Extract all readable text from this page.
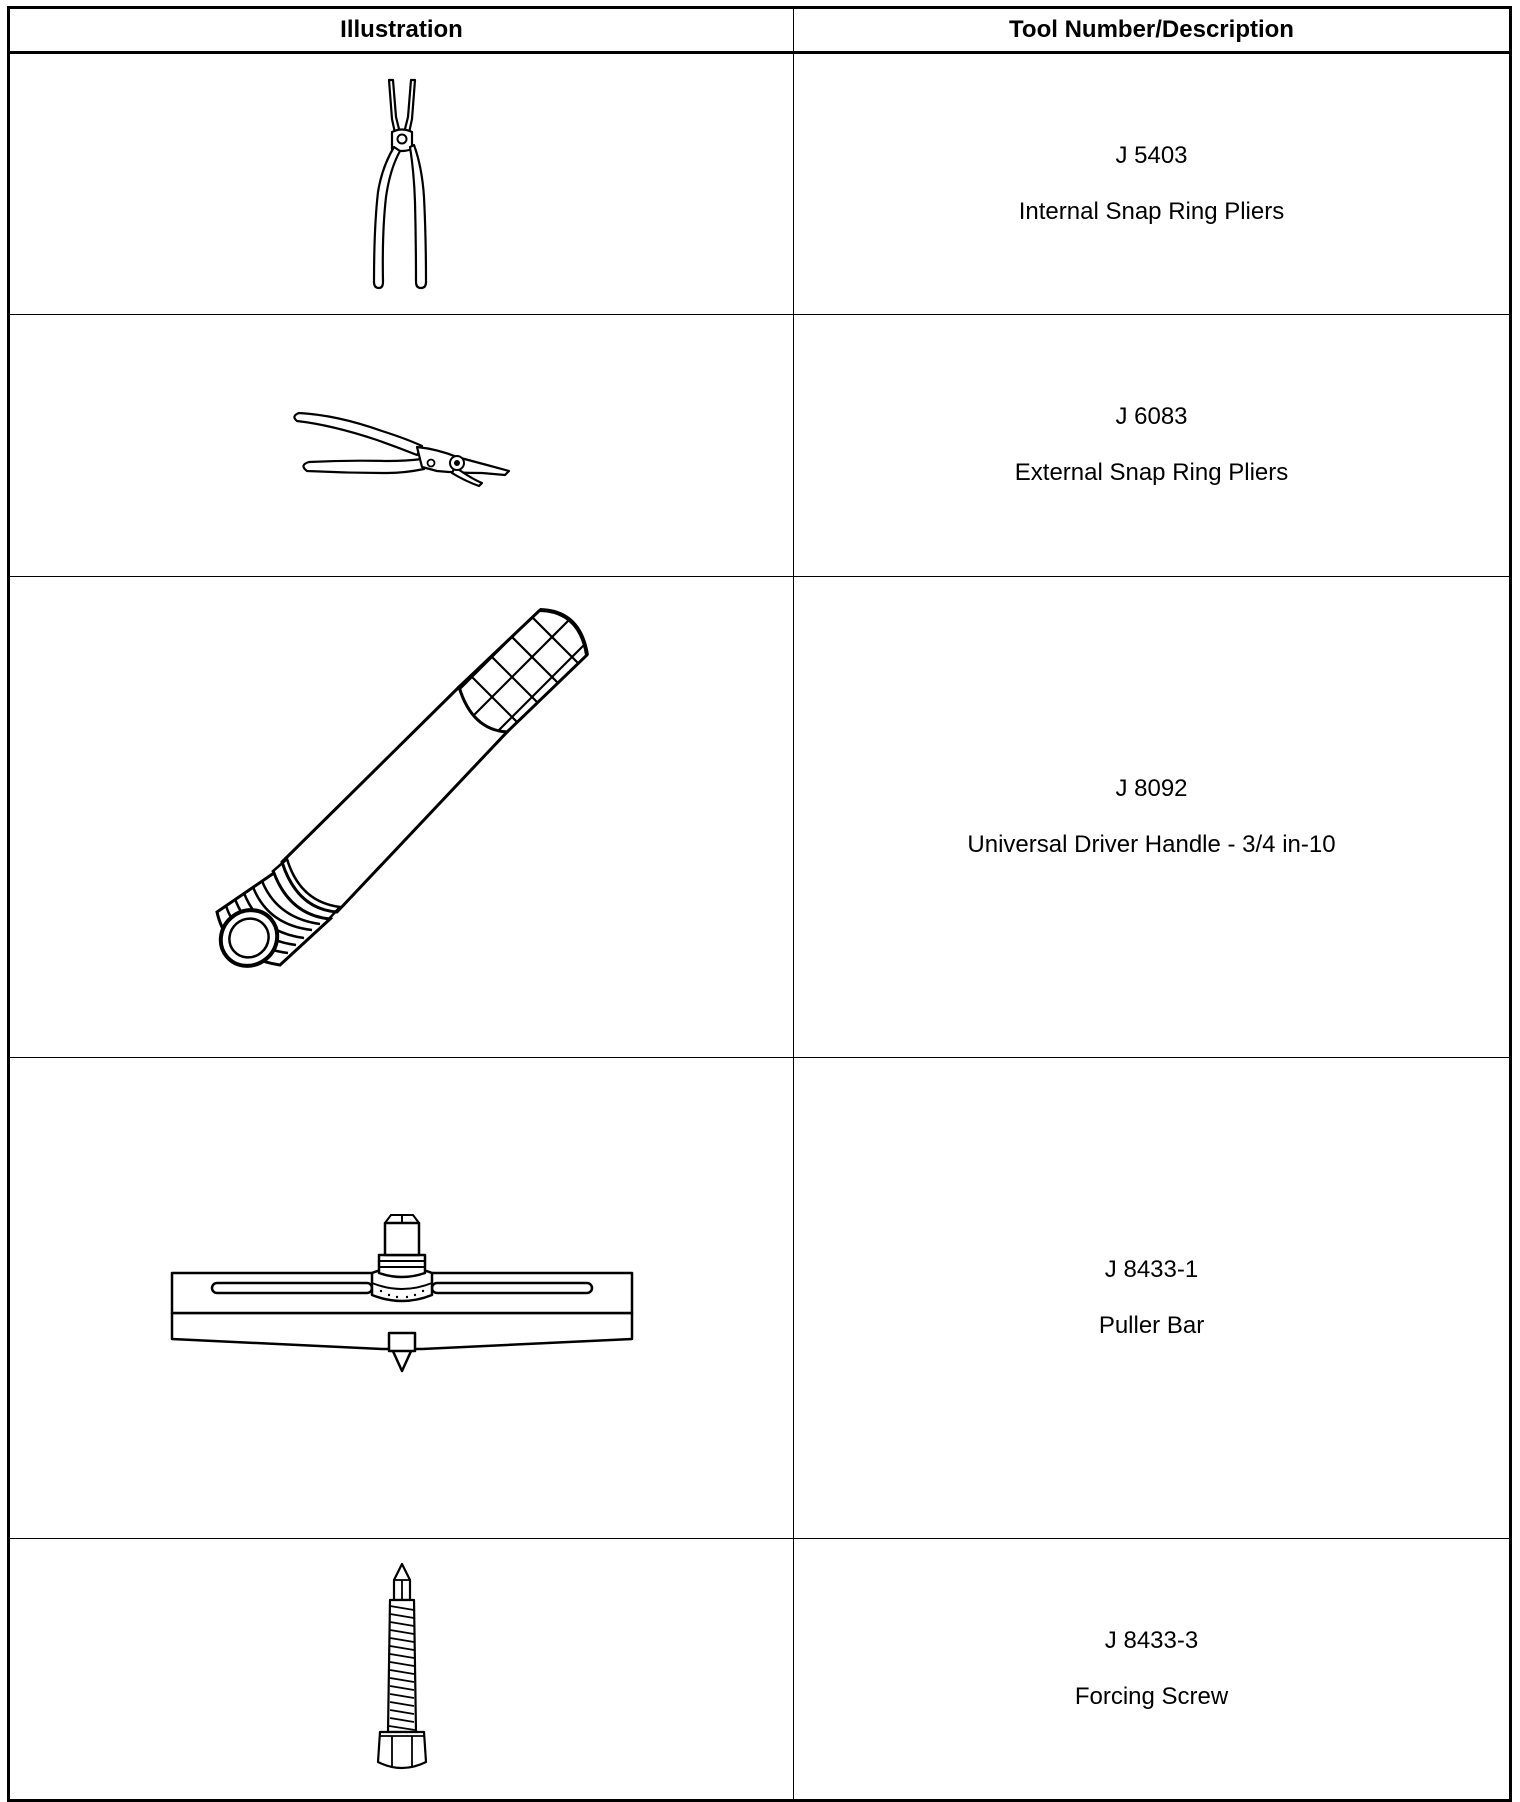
Illustration	Tool Number/Description

J 5403
Internal Snap Ring Pliers

J 6083
External Snap Ring Pliers

J 8092
Universal Driver Handle - 3/4 in-10

J 8433-1
Puller Bar

J 8433-3
Forcing Screw
